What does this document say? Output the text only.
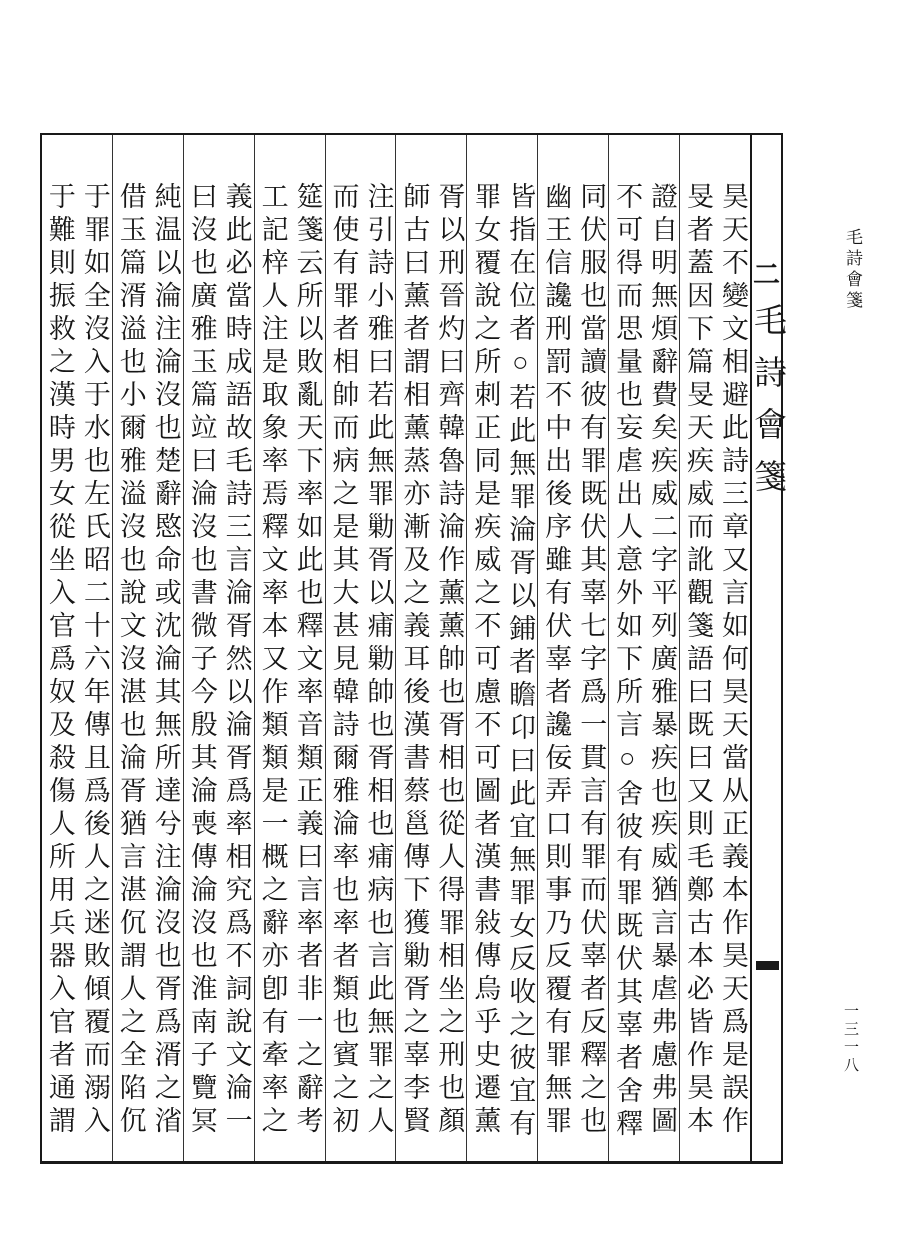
毛詩會箋
昊天不變文相避此詩三章又言如何昊天當从正義本作昊天爲是誤作
旻者蓋因下篇旻天疾威而訛觀箋語曰既曰又則毛鄭古本必皆作昊本
證自明無煩辭費矣疾威二字平列廣雅暴疾也疾威猶言暴虐弗慮弗圖
不可得而思量也妄虐出人意外如下所言○舍彼有罪既伏其辜者舍釋
同伏服也當讀彼有罪既伏其辜七字爲一貫言有罪而伏辜者反釋之也
幽王信讒刑罰不中出後序雖有伏辜者讒佞弄口則事乃反覆有罪無罪
皆指在位者○若此無罪淪胥以鋪者瞻卬曰此宜無罪女反收之彼宜有
罪女覆說之所刺正同是疾威之不可慮不可圖者漢書敍傳烏乎史遷薰
胥以刑晉灼曰齊韓魯詩淪作薰薰帥也胥相也從人得罪相坐之刑也顏
師古曰薰者謂相薰蒸亦漸及之義耳後漢書蔡邕傳下獲勦胥之辜李賢
注引詩小雅曰若此無罪勦胥以痡勦帥也胥相也痡病也言此無罪之人
而使有罪者相帥而病之是其大甚見韓詩爾雅淪率也率者類也賓之初
筵箋云所以敗亂天下率如此也釋文率音類正義曰言率者非一之辭考
工記梓人注是取象率焉釋文率本又作類類是一概之辭亦卽有牽率之
義此必當時成語故毛詩三言淪胥然以淪胥爲率相究爲不詞說文淪一
曰沒也廣雅玉篇竝曰淪沒也書微子今殷其淪喪傳淪沒也淮南子覽冥
純温以淪注淪沒也楚辭愍命或沈淪其無所達兮注淪沒也胥爲湑之渻
借玉篇湑溢也小爾雅溢沒也說文沒湛也淪胥猶言湛伔謂人之全陷伔
于罪如全沒入于水也左氏昭二十六年傳且爲後人之迷敗傾覆而溺入
于難則振救之漢時男女從坐入官爲奴及殺傷人所用兵器入官者通謂	二
毛詩會箋
一三一八
